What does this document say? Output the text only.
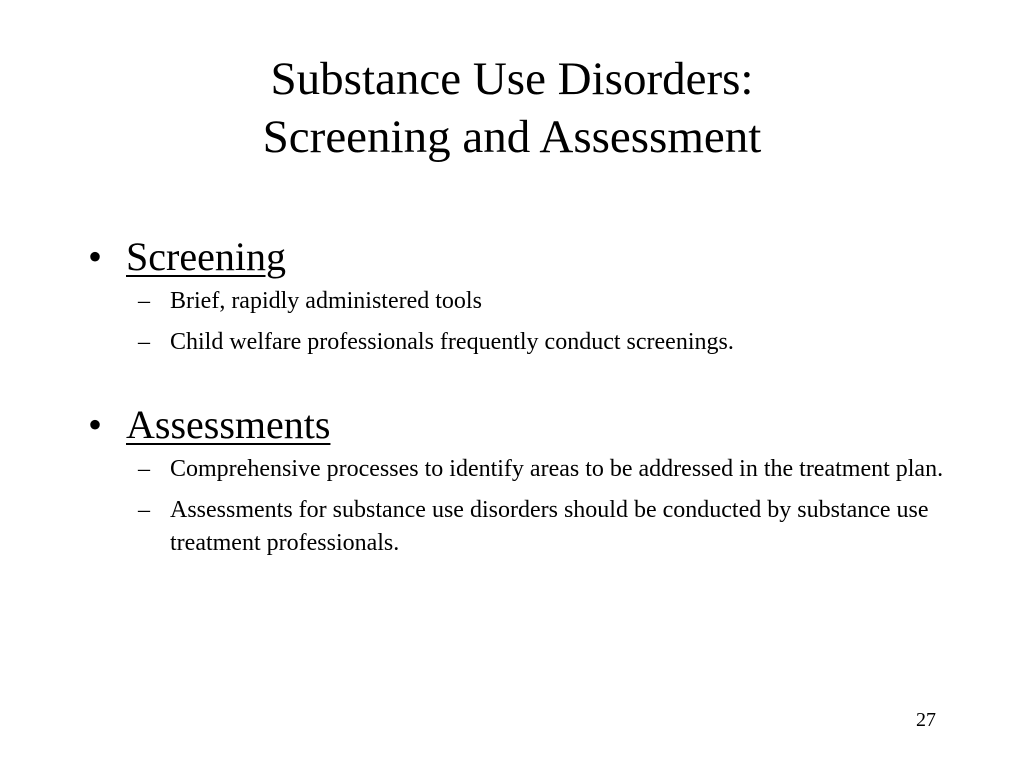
Substance Use Disorders:
Screening and Assessment
• Screening
– Brief, rapidly administered tools
– Child welfare professionals frequently conduct screenings.
• Assessments
– Comprehensive processes to identify areas to be addressed in the treatment plan.
– Assessments for substance use disorders should be conducted by substance use treatment professionals.
27
